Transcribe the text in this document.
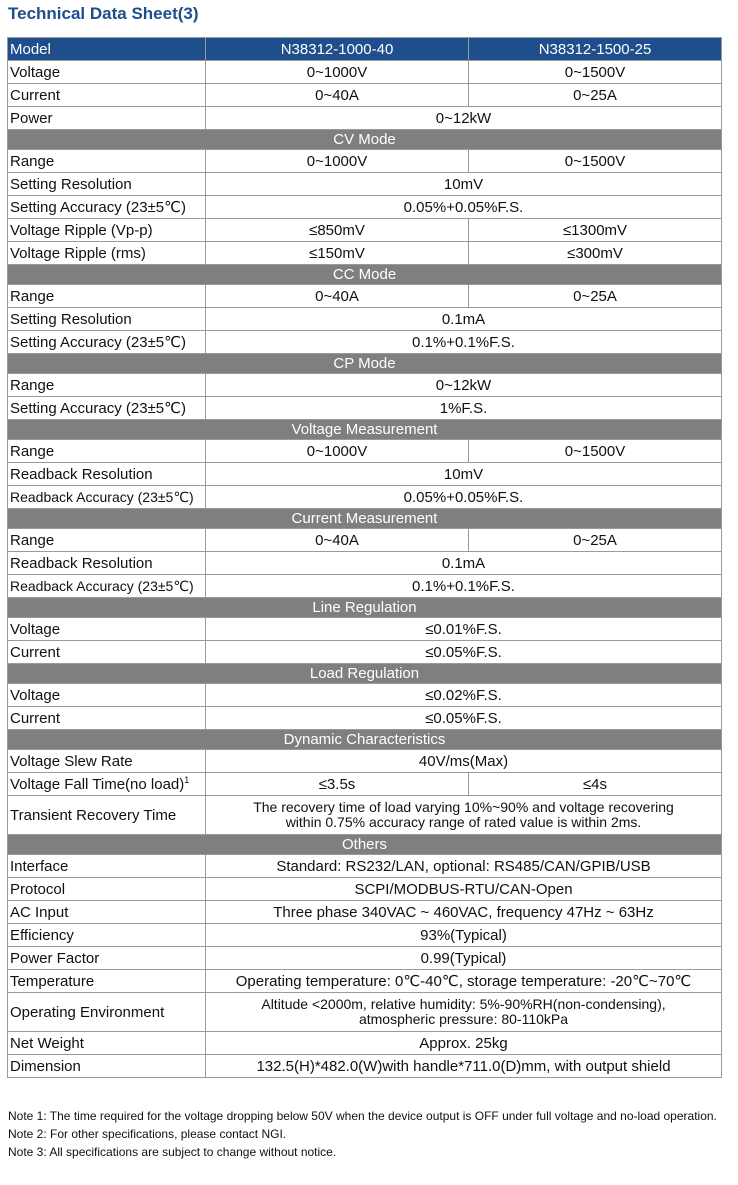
Technical Data Sheet(3)
Model	N38312-1000-40	N38312-1500-25
Voltage	0~1000V	0~1500V
Current	0~40A	0~25A
Power	0~12kW	
CV Mode		
Range	0~1000V	0~1500V
Setting Resolution	10mV	
Setting Accuracy (23±5℃)	0.05%+0.05%F.S.	
Voltage Ripple (Vp-p)	≤850mV	≤1300mV
Voltage Ripple (rms)	≤150mV	≤300mV
CC Mode		
Range	0~40A	0~25A
Setting Resolution	0.1mA	
Setting Accuracy (23±5℃)	0.1%+0.1%F.S.	
CP Mode		
Range	0~12kW	
Setting Accuracy (23±5℃)	1%F.S.	
Voltage Measurement		
Range	0~1000V	0~1500V
Readback Resolution	10mV	
Readback Accuracy (23±5℃)	0.05%+0.05%F.S.	
Current Measurement		
Range	0~40A	0~25A
Readback Resolution	0.1mA	
Readback Accuracy (23±5℃)	0.1%+0.1%F.S.	
Line Regulation		
Voltage	≤0.01%F.S.	
Current	≤0.05%F.S.	
Load Regulation		
Voltage	≤0.02%F.S.	
Current	≤0.05%F.S.	
Dynamic Characteristics		
Voltage Slew Rate	40V/ms(Max)	
Voltage Fall Time(no load)$^1$	≤3.5s	≤4s
Transient Recovery Time	The recovery time of load varying 10%~90% and voltage recovering
within 0.75% accuracy range of rated value is within 2ms.	

Others		
Interface	Standard: RS232/LAN, optional: RS485/CAN/GPIB/USB	
Protocol	SCPI/MODBUS-RTU/CAN-Open	
AC Input	Three phase 340VAC ~ 460VAC, frequency 47Hz ~ 63Hz	
Efficiency	93%(Typical)	
Power Factor	0.99(Typical)	
Temperature	Operating temperature: 0℃-40℃, storage temperature: -20℃~70℃	
Operating Environment	Altitude <2000m, relative humidity: 5%-90%RH(non-condensing),
atmospheric pressure: 80-110kPa	

Net Weight	Approx. 25kg	
Dimension	132.5(H)*482.0(W)with handle*711.0(D)mm, with output shield	

Note 1: The time required for the voltage dropping below 50V when the device output is OFF under full voltage and no-load operation.

Note 2: For other specifications, please contact NGI.

Note 3: All specifications are subject to change without notice.
